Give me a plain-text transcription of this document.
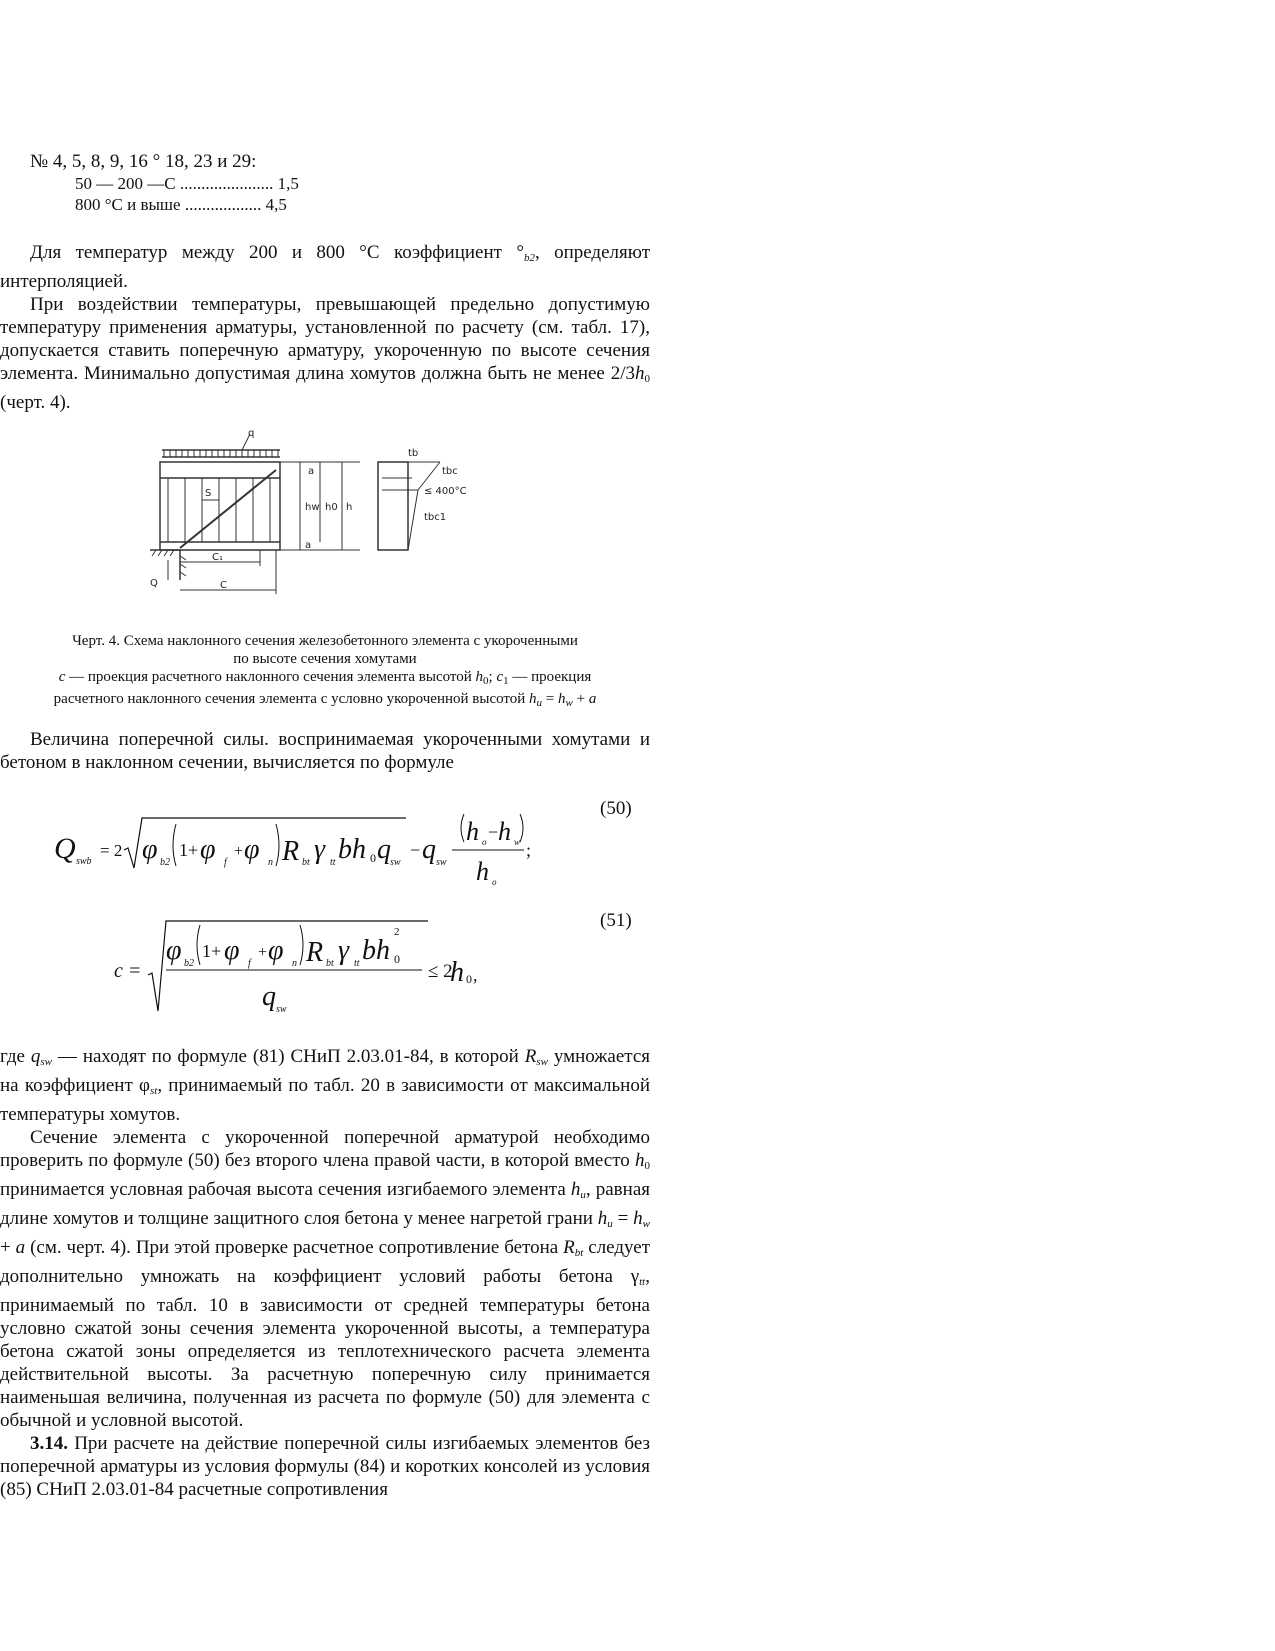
№ 4, 5, 8, 9, 16 ° 18, 23 и 29:
50 — 200 —С ...................... 1,5
800 °С и выше .................. 4,5

Для температур между 200 и 800 °С коэффициент $^\circ_{b2}$, определяют интерполяцией.

При воздействии температуры, превышающей предельно допустимую температуру применения арматуры, установленной по расчету (см. табл. 17), допускается ставить поперечную арматуру, укороченную по высоте сечения элемента. Минимально допустимая длина хомутов должна быть не менее $2/3h_0$ (черт. 4).

q
S
a
hw h0 h
a
C₁
C
Q
tb
tbc
≤ 400°С
tbc1
Черт. 4. Схема наклонного сечения железобетонного элемента с укороченными
по высоте сечения хомутами
c — проекция расчетного наклонного сечения элемента высотой $h_0$; $c_1$ — проекция
расчетного наклонного сечения элемента с условно укороченной высотой $h_u = h_w + a$

Величина поперечной силы. воспринимаемая укороченными хомутами и бетоном в наклонном сечении, вычисляется по формуле

(50)
Q swb
= 2 φ b2
1+ φ f
+ φ n R bt γ tt bh 0 q sw
− q sw
h o − h w
h o
;
(51)
c =
φ b2
1+ φ f
+ φ n R bt γ tt bh
2
0
q sw
≤ 2
h 0 ,

где $q_{sw}$ — находят по формуле (81) СНиП 2.03.01-84, в которой $R_{sw}$ умножается на коэффициент $\varphi_{st}$, принимаемый по табл. 20 в зависимости от максимальной температуры хомутов.

Сечение элемента с укороченной поперечной арматурой необходимо проверить по формуле (50) без второго члена правой части, в которой вместо $h_0$ принимается условная рабочая высота сечения изгибаемого элемента $h_u$, равная длине хомутов и толщине защитного слоя бетона у менее нагретой грани $h_u = h_w + a$ (см. черт. 4). При этой проверке расчетное сопротивление бетона $R_{bt}$ следует дополнительно умножать на коэффициент условий работы бетона $\gamma_{tt}$, принимаемый по табл. 10 в зависимости от средней температуры бетона условно сжатой зоны сечения элемента укороченной высоты, а температура бетона сжатой зоны определяется из теплотехнического расчета элемента действительной высоты. За расчетную поперечную силу принимается наименьшая величина, полученная из расчета по формуле (50) для элемента с обычной и условной высотой.

3.14. При расчете на действие поперечной силы изгибаемых элементов без поперечной арматуры из условия формулы (84) и коротких консолей из условия (85) СНиП 2.03.01-84 расчетные сопротивления
